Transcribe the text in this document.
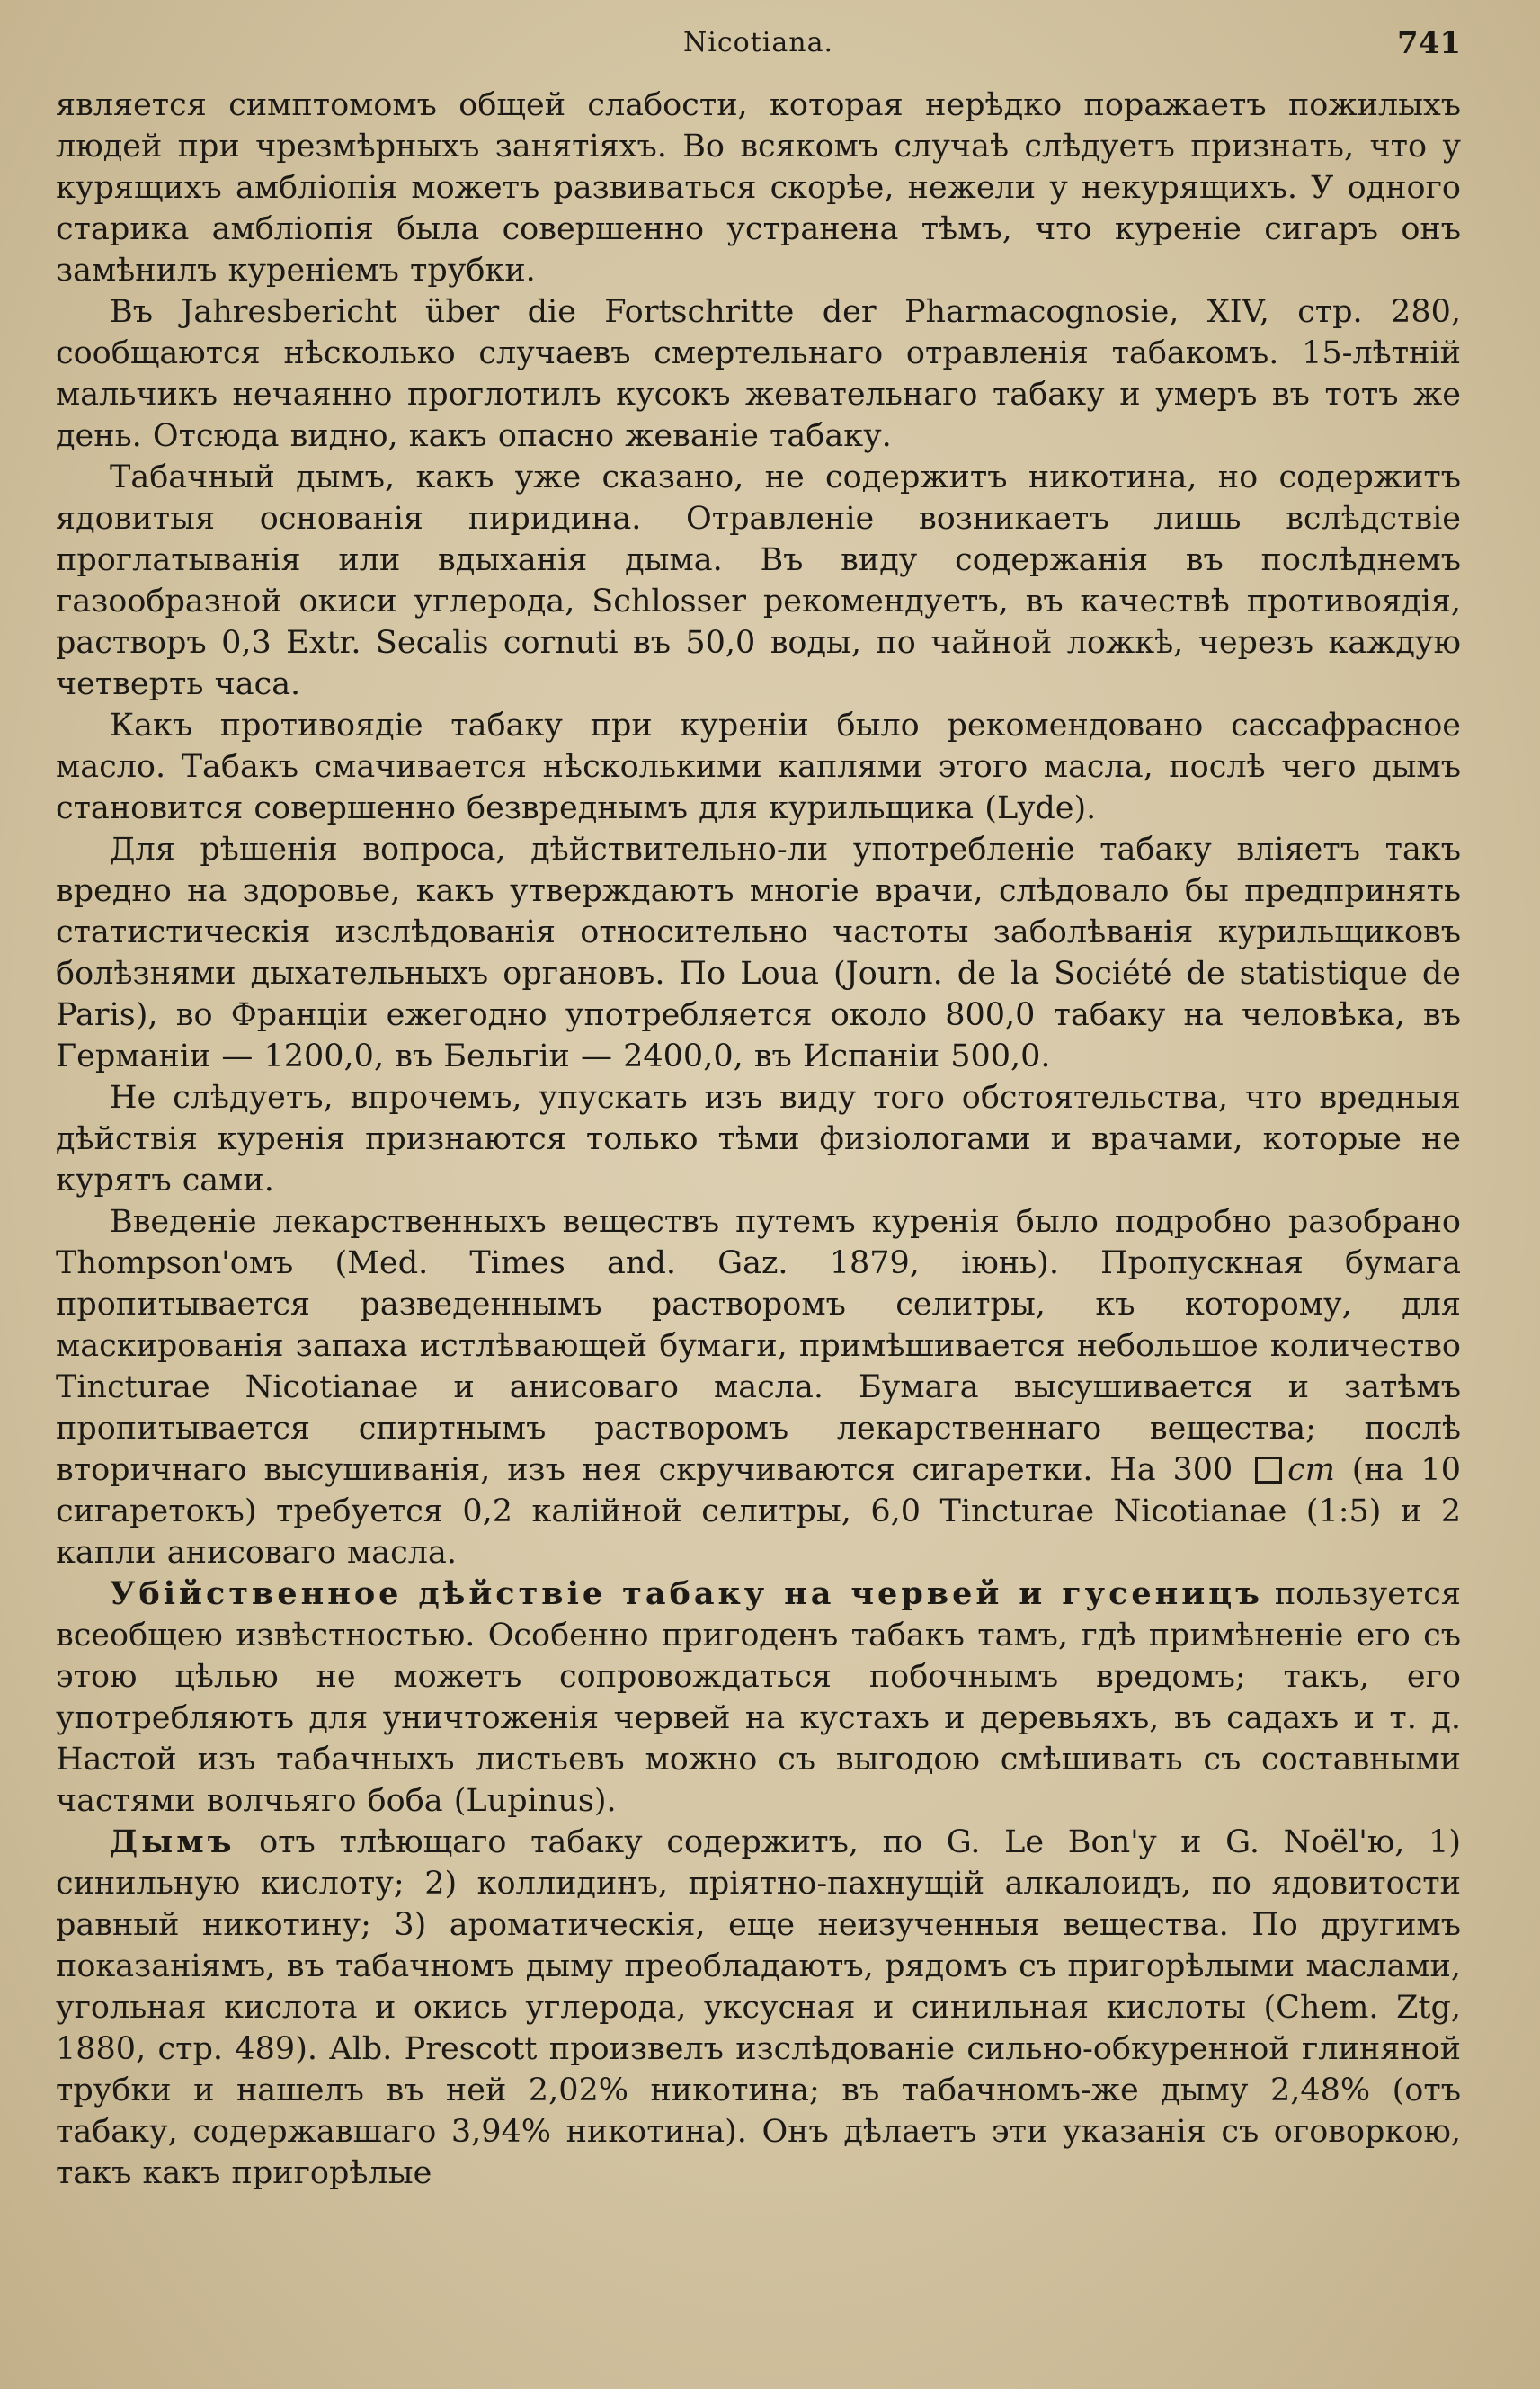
Nicotiana.	741

является симптомомъ общей слабости, которая нерѣдко поражаетъ пожилыхъ людей при чрезмѣрныхъ занятіяхъ. Во всякомъ случаѣ слѣдуетъ признать, что у курящихъ амбліопія можетъ развиваться скорѣе, нежели у некурящихъ. У одного старика амбліопія была совершенно устранена тѣмъ, что куреніе сигаръ онъ замѣнилъ куреніемъ трубки.

Въ Jahresbericht über die Fortschritte der Pharmacognosie, XIV, стр. 280, сообщаются нѣсколько случаевъ смертельнаго отравленія табакомъ. 15-лѣтній мальчикъ нечаянно проглотилъ кусокъ жевательнаго табаку и умеръ въ тотъ же день. Отсюда видно, какъ опасно жеваніе табаку.

Табачный дымъ, какъ уже сказано, не содержитъ никотина, но содержитъ ядовитыя основанія пиридина. Отравленіе возникаетъ лишь вслѣдствіе проглатыванія или вдыханія дыма. Въ виду содержанія въ послѣднемъ газообразной окиси углерода, Schlosser рекомендуетъ, въ качествѣ противоядія, растворъ 0,3 Extr. Secalis cornuti въ 50,0 воды, по чайной ложкѣ, черезъ каждую четверть часа.

Какъ противоядіе табаку при куреніи было рекомендовано сассафрасное масло. Табакъ смачивается нѣсколькими каплями этого масла, послѣ чего дымъ становится совершенно безвреднымъ для курильщика (Lyde).

Для рѣшенія вопроса, дѣйствительно-ли употребленіе табаку вліяетъ такъ вредно на здоровье, какъ утверждаютъ многіе врачи, слѣдовало бы предпринять статистическія изслѣдованія относительно частоты заболѣванія курильщиковъ болѣзнями дыхательныхъ органовъ. По Loua (Journ. de la Société de statistique de Paris), во Франціи ежегодно употребляется около 800,0 табаку на человѣка, въ Германіи — 1200,0, въ Бельгіи — 2400,0, въ Испаніи 500,0.

Не слѣдуетъ, впрочемъ, упускать изъ виду того обстоятельства, что вредныя дѣйствія куренія признаются только тѣми физіологами и врачами, которые не курятъ сами.

Введеніе лекарственныхъ веществъ путемъ куренія было подробно разобрано Thompson'омъ (Med. Times and. Gaz. 1879, іюнь). Пропускная бумага пропитывается разведеннымъ растворомъ селитры, къ которому, для маскированія запаха истлѣвающей бумаги, примѣшивается небольшое количество Tincturae Nicotianae и анисоваго масла. Бумага высушивается и затѣмъ пропитывается спиртнымъ растворомъ лекарственнаго вещества; послѣ вторичнаго высушиванія, изъ нея скручиваются сигаретки. На 300 cm (на 10 сигаретокъ) требуется 0,2 калійной селитры, 6,0 Tincturae Nicotianae (1:5) и 2 капли анисоваго масла.

Убійственное дѣйствіе табаку на червей и гусеницъ пользуется всеобщею извѣстностью. Особенно пригоденъ табакъ тамъ, гдѣ примѣненіе его съ этою цѣлью не можетъ сопровождаться побочнымъ вредомъ; такъ, его употребляютъ для уничтоженія червей на кустахъ и деревьяхъ, въ садахъ и т. д. Настой изъ табачныхъ листьевъ можно съ выгодою смѣшивать съ составными частями волчьяго боба (Lupinus).

Дымъ отъ тлѣющаго табаку содержитъ, по G. Le Bon'y и G. Noël'ю, 1) синильную кислоту; 2) коллидинъ, пріятно-пахнущій алкалоидъ, по ядовитости равный никотину; 3) ароматическія, еще неизученныя вещества. По другимъ показаніямъ, въ табачномъ дыму преобладаютъ, рядомъ съ пригорѣлыми маслами, угольная кислота и окись углерода, уксусная и синильная кислоты (Chem. Ztg, 1880, стр. 489). Alb. Prescott произвелъ изслѣдованіе сильно-обкуренной глиняной трубки и нашелъ въ ней 2,02% никотина; въ табачномъ-же дыму 2,48% (отъ табаку, содержавшаго 3,94% никотина). Онъ дѣлаетъ эти указанія съ оговоркою, такъ какъ пригорѣлые
